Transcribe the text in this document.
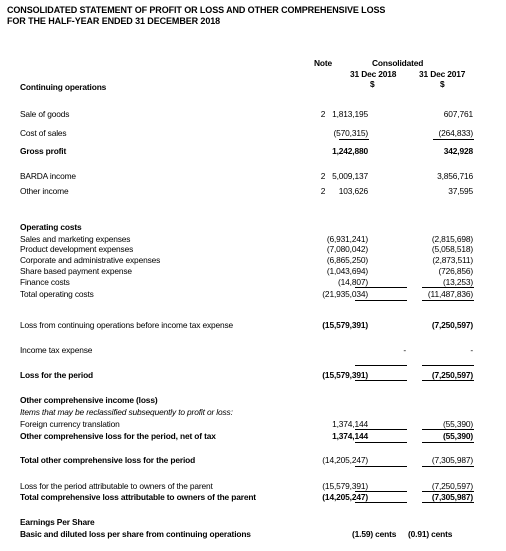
CONSOLIDATED STATEMENT OF PROFIT OR LOSS AND OTHER COMPREHENSIVE LOSS
FOR THE HALF-YEAR ENDED 31 DECEMBER 2018
Note	Consolidated
31 Dec 2018	31 Dec 2017
$	$
Continuing operations
Sale of goods	2 1,813,195	607,761
Cost of sales	(570,315)	(264,833)
Gross profit	1,242,880	342,928
BARDA income	2 5,009,137	3,856,716
Other income	2	103,626	37,595
Operating costs
Sales and marketing expenses	(6,931,241)	(2,815,698)
Product development expenses	(7,080,042)	(5,058,518)
Corporate and administrative expenses	(6,865,250)	(2,873,511)
Share based payment expense	(1,043,694)	(726,856)
Finance costs	(14,807)	(13,253)
Total operating costs	(21,935,034)	(11,487,836)
Loss from continuing operations before income tax expense	(15,579,391)	(7,250,597)
Income tax expense	-	-
Loss for the period	(15,579,391)	(7,250,597)
Other comprehensive income (loss)
Items that may be reclassified subsequently to profit or loss:
Foreign currency translation	1,374,144	(55,390)
Other comprehensive loss for the period, net of tax	1,374,144	(55,390)
Total other comprehensive loss for the period	(14,205,247)	(7,305,987)
Loss for the period attributable to owners of the parent	(15,579,391)	(7,250,597)
Total comprehensive loss attributable to owners of the parent	(14,205,247)	(7,305,987)
Earnings Per Share
Basic and diluted loss per share from continuing operations	(1.59) cents (0.91) cents
